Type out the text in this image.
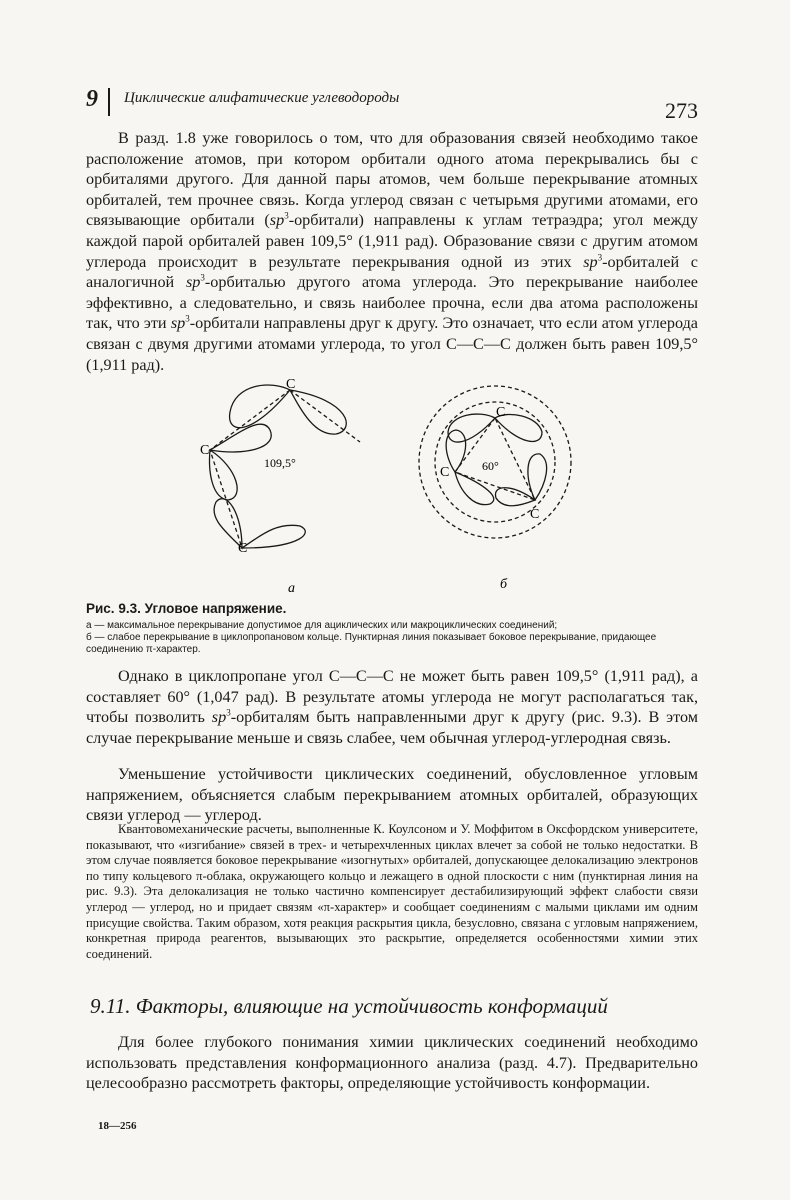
9 Циклические алифатические углеводороды	273

В разд. 1.8 уже говорилось о том, что для образования связей необходимо такое расположение атомов, при котором орбитали одного атома перекрывались бы с орбиталями другого. Для данной пары атомов, чем больше перекрывание атомных орбиталей, тем прочнее связь. Когда углерод связан с четырьмя другими атомами, его связывающие орбитали $(sp^3-орбитали)$ направлены к углам тетраэдра; угол между каждой парой орбиталей равен 109,5° (1,911 рад). Образование связи с другим атомом углерода происходит в результате перекрывания одной из этих $sp^3$-орбиталей с аналогичной $sp^3$-орбиталью другого атома углерода. Это перекрывание наиболее эффективно, а следовательно, и связь наиболее прочна, если два атома расположены так, что эти $sp^3$-орбитали направлены друг к другу. Это означает, что если атом углерода связан с двумя другими атомами углерода, то угол С—С—С должен быть равен 109,5° (1,911 рад).

C
C
C
109,5°
а
C
C
C
60°
б
Рис. 9.3. Угловое напряжение.

а — максимальное перекрывание допустимое для ациклических или макроциклических соединений;
б — слабое перекрывание в циклопропановом кольце. Пунктирная линия показывает боковое перекрывание, придающее соединению π-характер.

Однако в циклопропане угол С—С—С не может быть равен 109,5° (1,911 рад), а составляет 60° (1,047 рад). В результате атомы углерода не могут располагаться так, чтобы позволить $sp^3$-орбиталям быть направленными друг к другу (рис. 9.3). В этом случае перекрывание меньше и связь слабее, чем обычная углерод-углеродная связь.

Уменьшение устойчивости циклических соединений, обусловленное угловым напряжением, объясняется слабым перекрыванием атомных орбиталей, образующих связи углерод — углерод.

Квантовомеханические расчеты, выполненные К. Коулсоном и У. Моффитом в Оксфордском университете, показывают, что «изгибание» связей в трех- и четырехчленных циклах влечет за собой не только недостатки. В этом случае появляется боковое перекрывание «изогнутых» орбиталей, допускающее делокализацию электронов по типу кольцевого π-облака, окружающего кольцо и лежащего в одной плоскости с ним (пунктирная линия на рис. 9.3). Эта делокализация не только частично компенсирует дестабилизирующий эффект слабости связи углерод — углерод, но и придает связям «π-характер» и сообщает соединениям с малыми циклами им одним присущие свойства. Таким образом, хотя реакция раскрытия цикла, безусловно, связана с угловым напряжением, конкретная природа реагентов, вызывающих это раскрытие, определяется особенностями химии этих соединений.

9.11. Факторы, влияющие на устойчивость конформаций

Для более глубокого понимания химии циклических соединений необходимо использовать представления конформационного анализа (разд. 4.7). Предварительно целесообразно рассмотреть факторы, определяющие устойчивость конформации.

18—256
